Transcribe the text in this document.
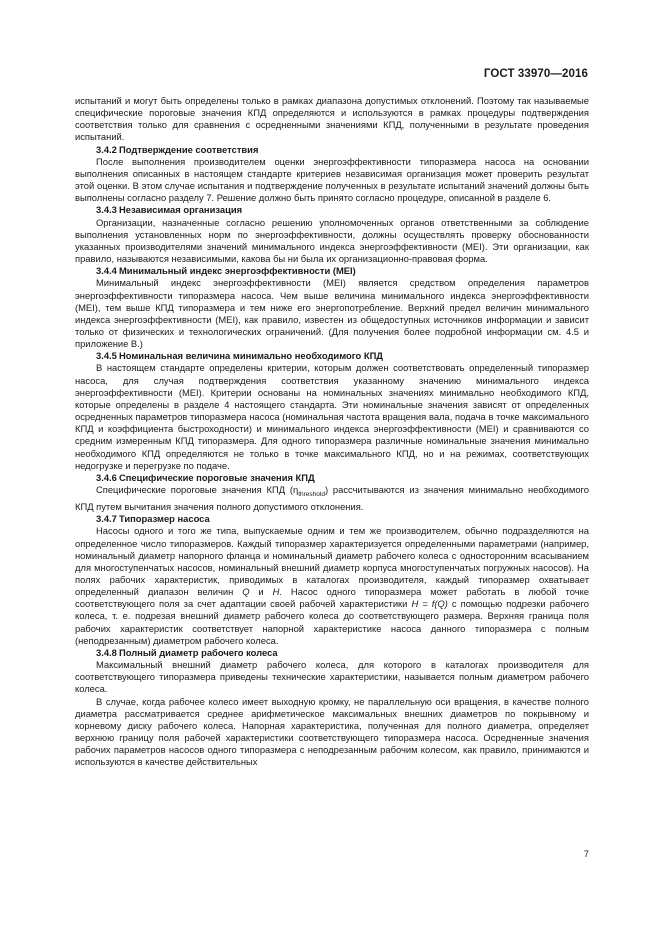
ГОСТ 33970—2016
испытаний и могут быть определены только в рамках диапазона допустимых отклонений. Поэтому так называемые специфические пороговые значения КПД определяются и используются в рамках процедуры подтверждения соответствия только для сравнения с осредненными значениями КПД, полученными в результате проведения испытаний.
3.4.2 Подтверждение соответствия
После выполнения производителем оценки энергоэффективности типоразмера насоса на основании выполнения описанных в настоящем стандарте критериев независимая организация может проверить результат этой оценки. В этом случае испытания и подтверждение полученных в результате испытаний значений должны быть выполнены согласно разделу 7. Решение должно быть принято согласно процедуре, описанной в разделе 6.
3.4.3 Независимая организация
Организации, назначенные согласно решению уполномоченных органов ответственными за соблюдение выполнения установленных норм по энергоэффективности, должны осуществлять проверку обоснованности указанных производителями значений минимального индекса энергоэффективности (MEI). Эти организации, как правило, называются независимыми, какова бы ни была их организационно-правовая форма.
3.4.4 Минимальный индекс энергоэффективности (MEI)
Минимальный индекс энергоэффективности (MEI) является средством определения параметров энергоэффективности типоразмера насоса. Чем выше величина минимального индекса энергоэффективности (MEI), тем выше КПД типоразмера и тем ниже его энергопотребление. Верхний предел величин минимального индекса энергоэффективности (MEI), как правило, известен из общедоступных источников информации и зависит только от физических и технологических ограничений. (Для получения более подробной информации см. 4.5 и приложение В.)
3.4.5 Номинальная величина минимально необходимого КПД
В настоящем стандарте определены критерии, которым должен соответствовать определенный типоразмер насоса, для случая подтверждения соответствия указанному значению минимального индекса энергоэффективности (MEI). Критерии основаны на номинальных значениях минимально необходимого КПД, которые определены в разделе 4 настоящего стандарта. Эти номинальные значения зависят от определенных осредненных параметров типоразмера насоса (номинальная частота вращения вала, подача в точке максимального КПД и коэффициента быстроходности) и минимального индекса энергоэффективности (MEI) и сравниваются со средним измеренным КПД типоразмера. Для одного типоразмера различные номинальные значения минимально необходимого КПД определяются не только в точке максимального КПД, но и на режимах, соответствующих недогрузке и перегрузке по подаче.
3.4.6 Специфические пороговые значения КПД
Специфические пороговые значения КПД $(\eta_{threshold})$ рассчитываются из значения минимально необходимого КПД путем вычитания значения полного допустимого отклонения.
3.4.7 Типоразмер насоса
Насосы одного и того же типа, выпускаемые одним и тем же производителем, обычно подразделяются на определенное число типоразмеров. Каждый типоразмер характеризуется определенными параметрами (например, номинальный диаметр напорного фланца и номинальный диаметр рабочего колеса с односторонним всасыванием для многоступенчатых насосов, номинальный внешний диаметр корпуса многоступенчатых погружных насосов). На полях рабочих характеристик, приводимых в каталогах производителя, каждый типоразмер охватывает определенный диапазон величин Q и H. Насос одного типоразмера может работать в любой точке соответствующего поля за счет адаптации своей рабочей характеристики H = f(Q) с помощью подрезки рабочего колеса, т. е. подрезая внешний диаметр рабочего колеса до соответствующего размера. Верхняя граница поля рабочих характеристик соответствует напорной характеристике насоса данного типоразмера с полным (неподрезанным) диаметром рабочего колеса.
3.4.8 Полный диаметр рабочего колеса
Максимальный внешний диаметр рабочего колеса, для которого в каталогах производителя для соответствующего типоразмера приведены технические характеристики, называется полным диаметром рабочего колеса.
В случае, когда рабочее колесо имеет выходную кромку, не параллельную оси вращения, в качестве полного диаметра рассматривается среднее арифметическое максимальных внешних диаметров по покрывному и корневому диску рабочего колеса. Напорная характеристика, полученная для полного диаметра, определяет верхнюю границу поля рабочей характеристики соответствующего типоразмера насоса. Осредненные значения рабочих параметров насосов одного типоразмера с неподрезанным рабочим колесом, как правило, принимаются и используются в качестве действительных
7
